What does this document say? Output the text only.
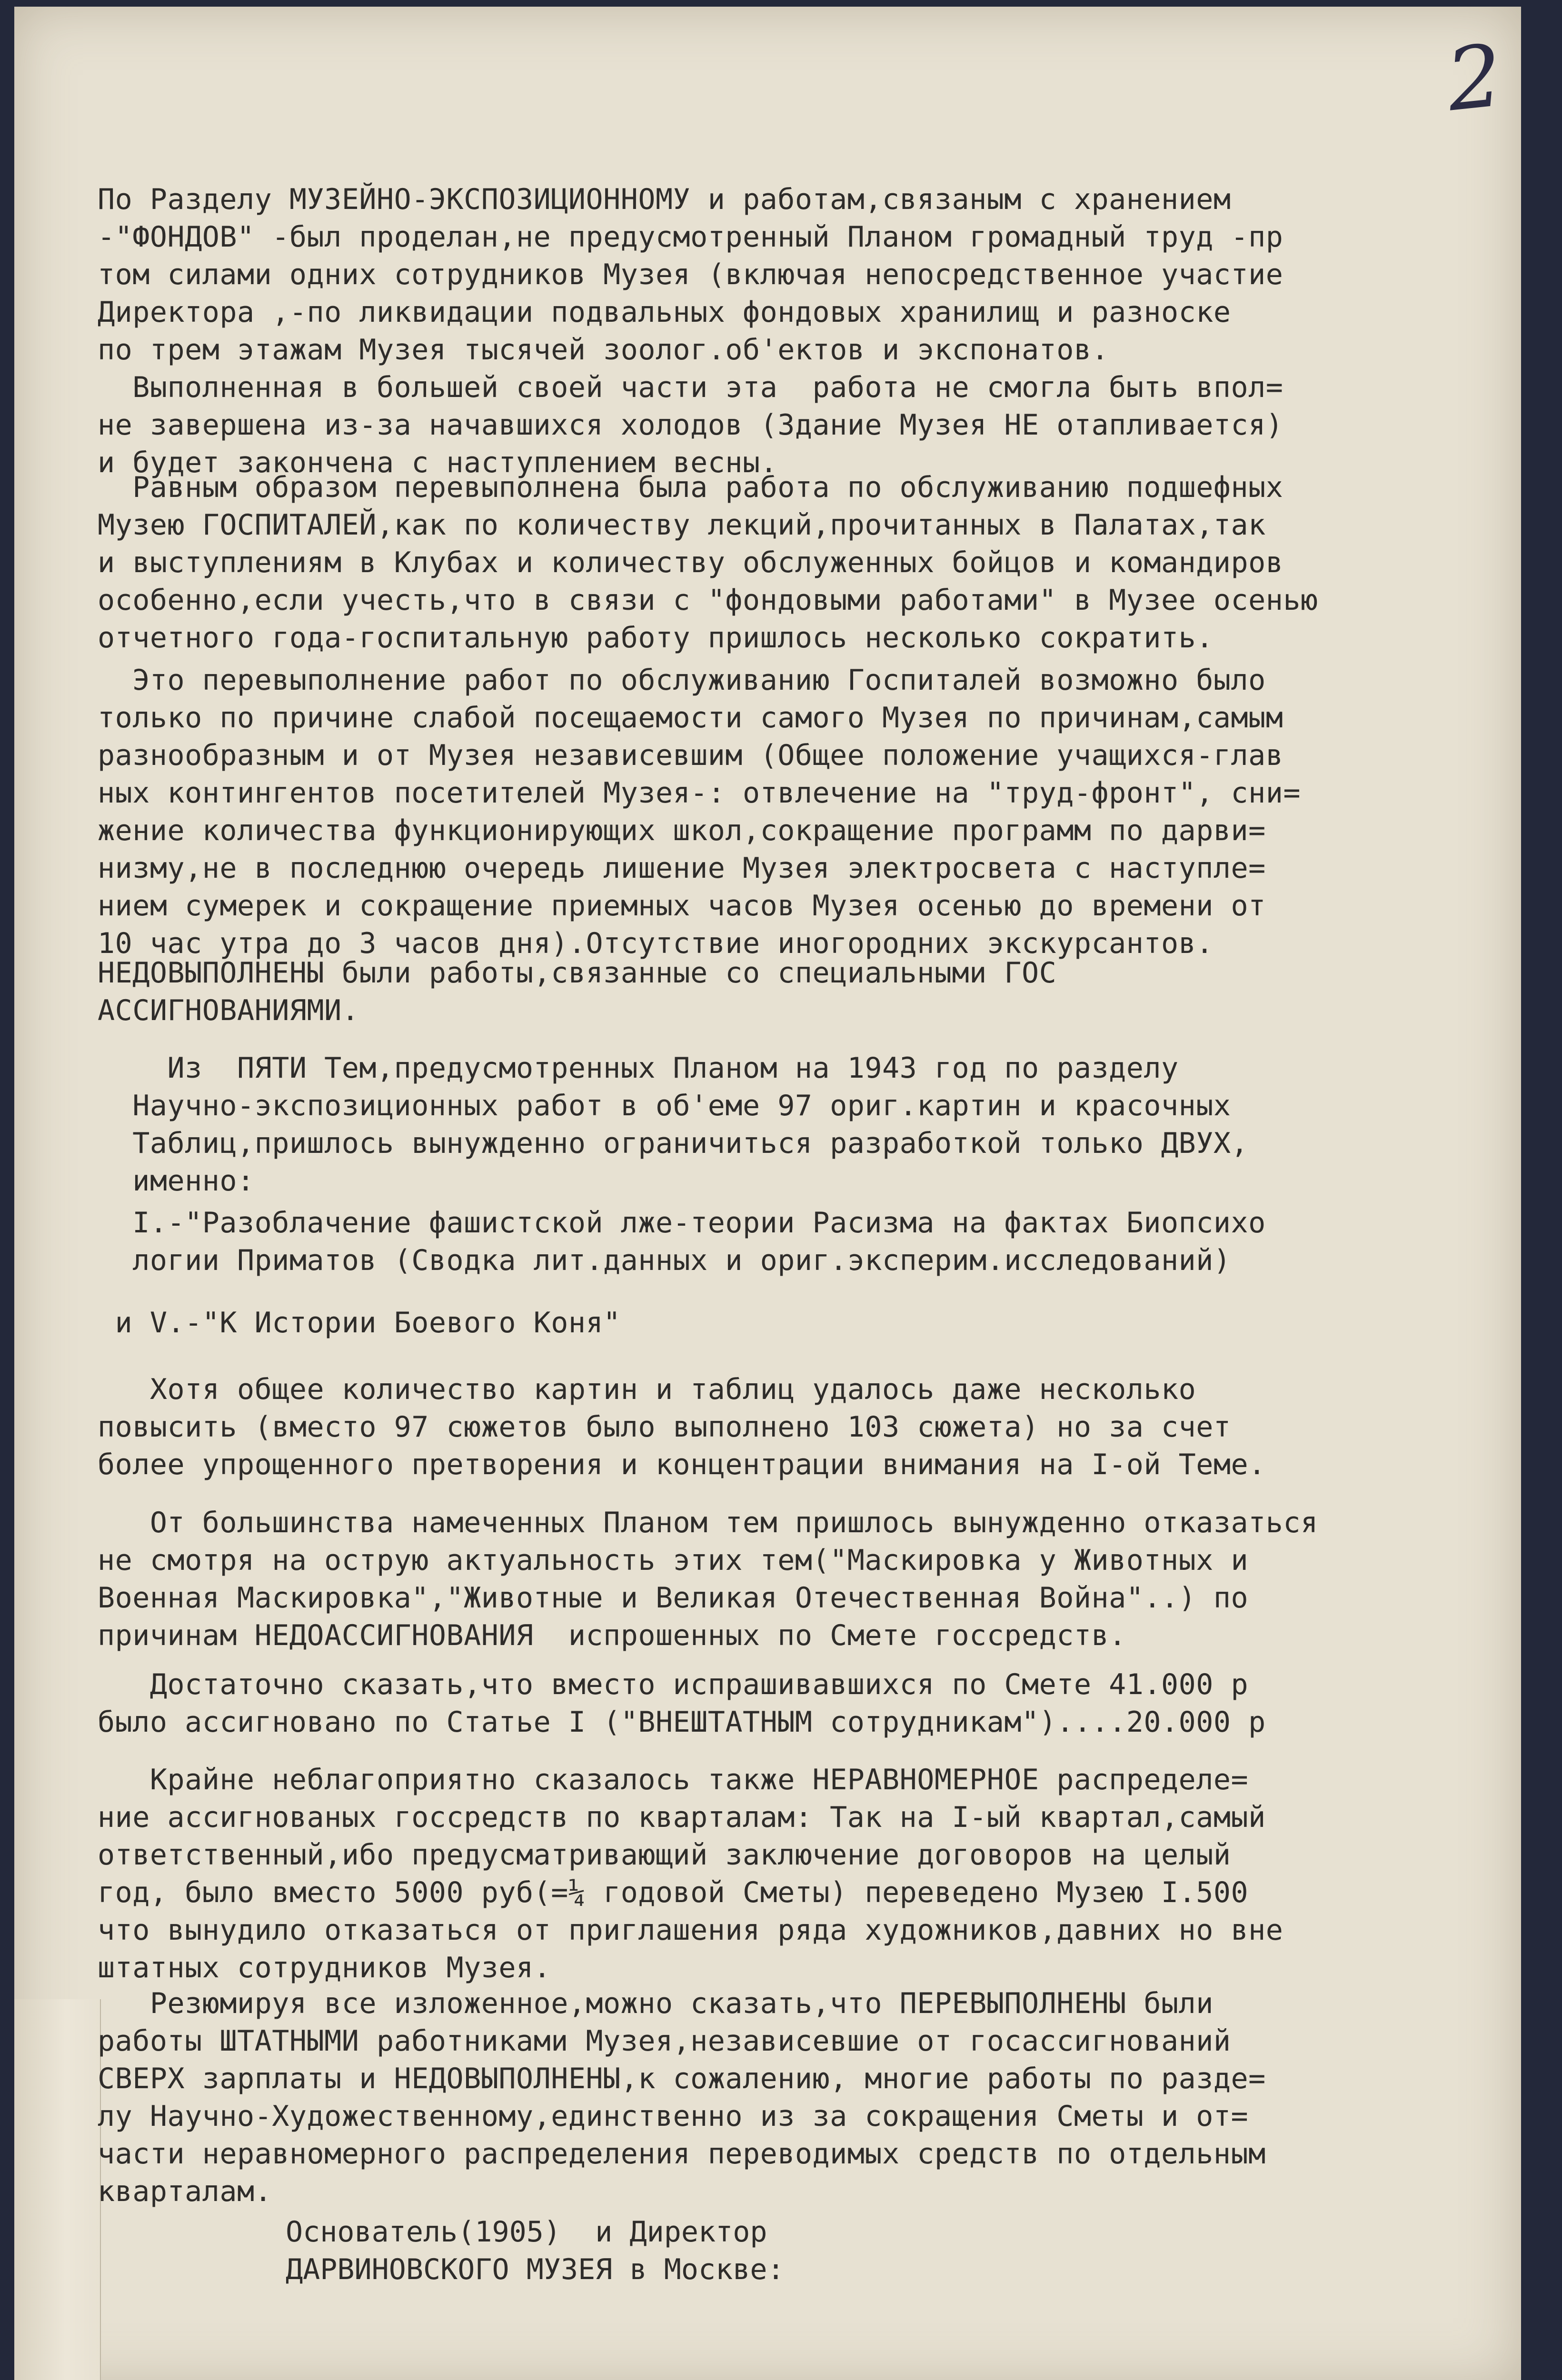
2
По Разделу МУЗЕЙНО-ЭКСПОЗИЦИОННОМУ и работам,связаным с хранением
-"ФОНДОВ" -был проделан,не предусмотренный Планом громадный труд -пр
том силами одних сотрудников Музея (включая непосредственное участие
Директора ,-по ликвидации подвальных фондовых хранилищ и разноске
по трем этажам Музея тысячей зоолог.об'ектов и экспонатов.
Выполненная в большей своей части эта  работа не смогла быть впол=
не завершена из-за начавшихся холодов (Здание Музея НЕ отапливается)
и будет закончена с наступлением весны.
Равным образом перевыполнена была работа по обслуживанию подшефных
Музею ГОСПИТАЛЕЙ,как по количеству лекций,прочитанных в Палатах,так
и выступлениям в Клубах и количеству обслуженных бойцов и командиров
особенно,если учесть,что в связи с "фондовыми работами" в Музее осенью
отчетного года-госпитальную работу пришлось несколько сократить.
Это перевыполнение работ по обслуживанию Госпиталей возможно было
только по причине слабой посещаемости самого Музея по причинам,самым
разнообразным и от Музея независевшим (Общее положение учащихся-глав
ных контингентов посетителей Музея-: отвлечение на "труд-фронт", сни=
жение количества функционирующих школ,сокращение программ по дарви=
низму,не в последнюю очередь лишение Музея электросвета с наступле=
нием сумерек и сокращение приемных часов Музея осенью до времени от
10 час утра до 3 часов дня).Отсутствие иногородних экскурсантов.
НЕДОВЫПОЛНЕНЫ были работы,связанные со специальными ГОС
АССИГНОВАНИЯМИ.
Из  ПЯТИ Тем,предусмотренных Планом на 1943 год по разделу
Научно-экспозиционных работ в об'еме 97 ориг.картин и красочных
Таблиц,пришлось вынужденно ограничиться разработкой только ДВУХ,
именно:
I.-"Разоблачение фашистской лже-теории Расизма на фактах Биопсихо
логии Приматов (Сводка лит.данных и ориг.эксперим.исследований)
и V.-"К Истории Боевого Коня"
Хотя общее количество картин и таблиц удалось даже несколько
повысить (вместо 97 сюжетов было выполнено 103 сюжета) но за счет
более упрощенного претворения и концентрации внимания на I-ой Теме.
От большинства намеченных Планом тем пришлось вынужденно отказаться
не смотря на острую актуальность этих тем("Маскировка у Животных и
Военная Маскировка","Животные и Великая Отечественная Война"..) по
причинам НЕДОАССИГНОВАНИЯ  испрошенных по Смете госсредств.
Достаточно сказать,что вместо испрашивавшихся по Смете 41.000 р
было ассигновано по Статье I ("ВНЕШТАТНЫМ сотрудникам")....20.000 р
Крайне неблагоприятно сказалось также НЕРАВНОМЕРНОЕ распределе=
ние ассигнованых госсредств по кварталам: Так на I-ый квартал,самый
ответственный,ибо предусматривающий заключение договоров на целый
год, было вместо 5000 руб(=¼ годовой Сметы) переведено Музею I.500
что вынудило отказаться от приглашения ряда художников,давних но вне
штатных сотрудников Музея.
Резюмируя все изложенное,можно сказать,что ПЕРЕВЫПОЛНЕНЫ были
работы ШТАТНЫМИ работниками Музея,независевшие от госассигнований
СВЕРХ зарплаты и НЕДОВЫПОЛНЕНЫ,к сожалению, многие работы по разде=
лу Научно-Художественному,единственно из за сокращения Сметы и от=
части неравномерного распределения переводимых средств по отдельным
кварталам.
Основатель(1905)  и Директор
ДАРВИНОВСКОГО МУЗЕЯ в Москве:
